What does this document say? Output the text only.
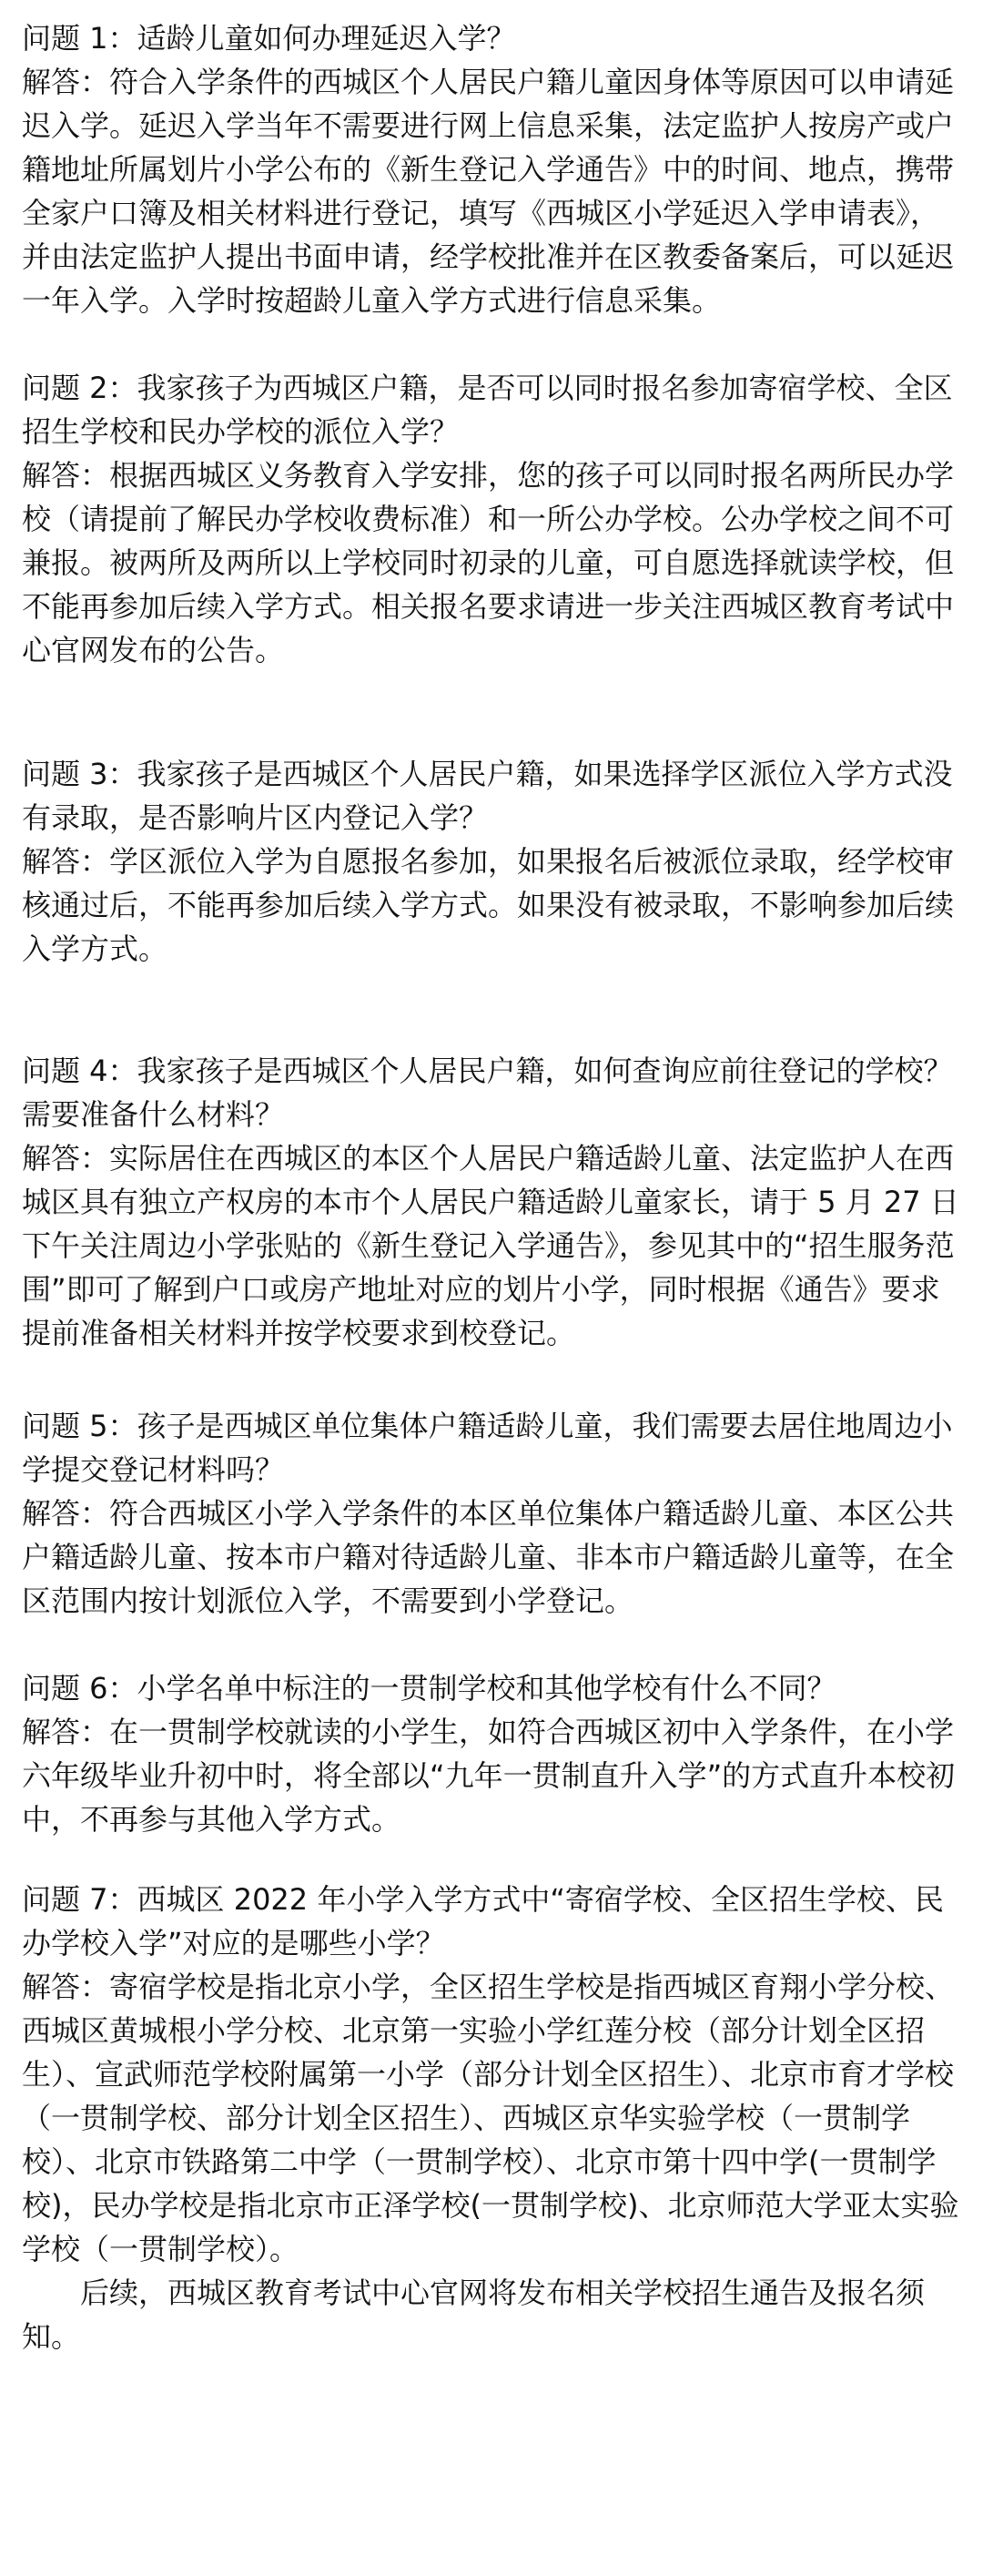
问题 1：适龄儿童如何办理延迟入学？

解答：符合入学条件的西城区个人居民户籍儿童因身体等原因可以申请延迟入学。延迟入学当年不需要进行网上信息采集，法定监护人按房产或户籍地址所属划片小学公布的《新生登记入学通告》中的时间、地点，携带全家户口簿及相关材料进行登记，填写《西城区小学延迟入学申请表》，并由法定监护人提出书面申请，经学校批准并在区教委备案后，可以延迟一年入学。入学时按超龄儿童入学方式进行信息采集。

问题 2：我家孩子为西城区户籍，是否可以同时报名参加寄宿学校、全区招生学校和民办学校的派位入学？

解答：根据西城区义务教育入学安排，您的孩子可以同时报名两所民办学校（请提前了解民办学校收费标准）和一所公办学校。公办学校之间不可兼报。被两所及两所以上学校同时初录的儿童，可自愿选择就读学校，但不能再参加后续入学方式。相关报名要求请进一步关注西城区教育考试中心官网发布的公告。

问题 3：我家孩子是西城区个人居民户籍，如果选择学区派位入学方式没有录取，是否影响片区内登记入学？

解答：学区派位入学为自愿报名参加，如果报名后被派位录取，经学校审核通过后，不能再参加后续入学方式。如果没有被录取，不影响参加后续入学方式。

问题 4：我家孩子是西城区个人居民户籍，如何查询应前往登记的学校？需要准备什么材料？

解答：实际居住在西城区的本区个人居民户籍适龄儿童、法定监护人在西城区具有独立产权房的本市个人居民户籍适龄儿童家长，请于 5 月 27 日下午关注周边小学张贴的《新生登记入学通告》，参见其中的“招生服务范围”即可了解到户口或房产地址对应的划片小学，同时根据《通告》要求提前准备相关材料并按学校要求到校登记。

问题 5：孩子是西城区单位集体户籍适龄儿童，我们需要去居住地周边小学提交登记材料吗？

解答：符合西城区小学入学条件的本区单位集体户籍适龄儿童、本区公共户籍适龄儿童、按本市户籍对待适龄儿童、非本市户籍适龄儿童等，在全区范围内按计划派位入学，不需要到小学登记。

问题 6：小学名单中标注的一贯制学校和其他学校有什么不同？

解答：在一贯制学校就读的小学生，如符合西城区初中入学条件，在小学六年级毕业升初中时，将全部以“九年一贯制直升入学”的方式直升本校初中，不再参与其他入学方式。

问题 7：西城区 2022 年小学入学方式中“寄宿学校、全区招生学校、民办学校入学”对应的是哪些小学？

解答：寄宿学校是指北京小学，全区招生学校是指西城区育翔小学分校、西城区黄城根小学分校、北京第一实验小学红莲分校（部分计划全区招生）、宣武师范学校附属第一小学（部分计划全区招生）、北京市育才学校（一贯制学校、部分计划全区招生）、西城区京华实验学校（一贯制学校）、北京市铁路第二中学（一贯制学校）、北京市第十四中学(一贯制学校)，民办学校是指北京市正泽学校(一贯制学校)、北京师范大学亚太实验学校（一贯制学校）。

后续，西城区教育考试中心官网将发布相关学校招生通告及报名须知。
